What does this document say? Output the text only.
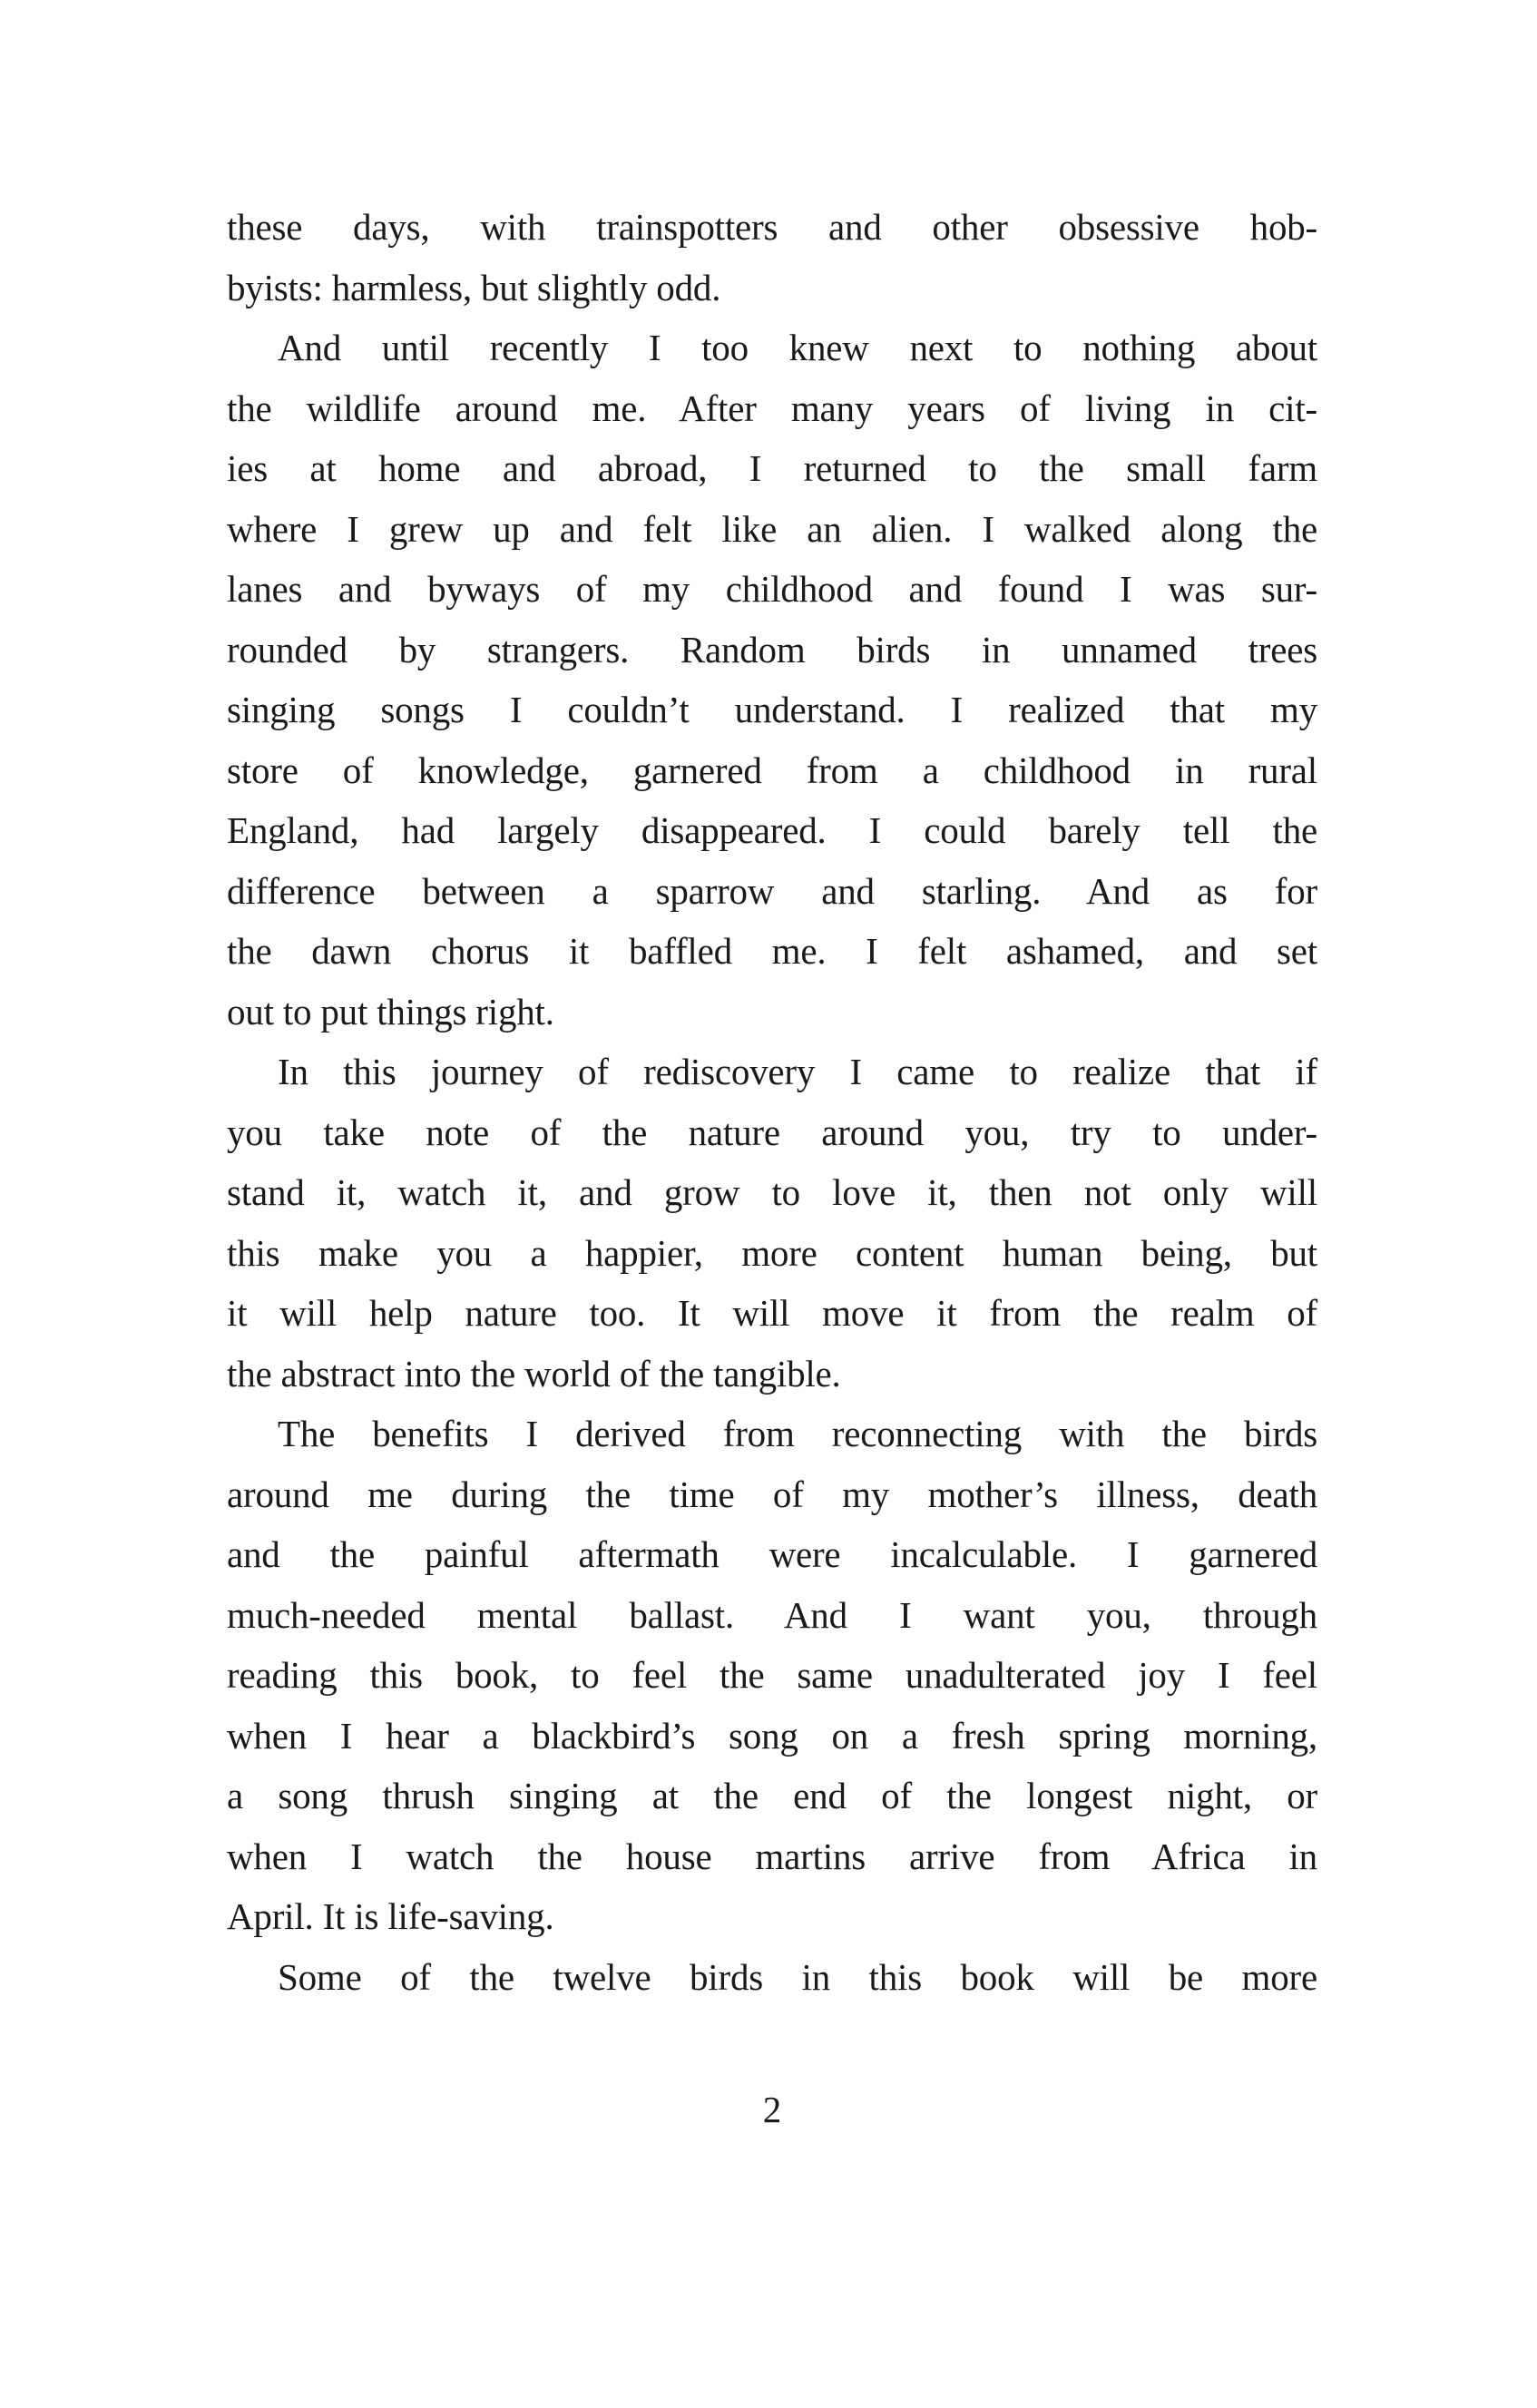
these days, with trainspotters and other obsessive hob-
byists: harmless, but slightly odd.
And until recently I too knew next to nothing about
the wildlife around me. After many years of living in cit-
ies at home and abroad, I returned to the small farm
where I grew up and felt like an alien. I walked along the
lanes and byways of my childhood and found I was sur-
rounded by strangers. Random birds in unnamed trees
singing songs I couldn’t understand. I realized that my
store of knowledge, garnered from a childhood in rural
England, had largely disappeared. I could barely tell the
difference between a sparrow and starling. And as for
the dawn chorus it baffled me. I felt ashamed, and set
out to put things right.
In this journey of rediscovery I came to realize that if
you take note of the nature around you, try to under-
stand it, watch it, and grow to love it, then not only will
this make you a happier, more content human being, but
it will help nature too. It will move it from the realm of
the abstract into the world of the tangible.
The benefits I derived from reconnecting with the birds
around me during the time of my mother’s illness, death
and the painful aftermath were incalculable. I garnered
much-needed mental ballast. And I want you, through
reading this book, to feel the same unadulterated joy I feel
when I hear a blackbird’s song on a fresh spring morning,
a song thrush singing at the end of the longest night, or
when I watch the house martins arrive from Africa in
April. It is life-saving.
Some of the twelve birds in this book will be more
2
